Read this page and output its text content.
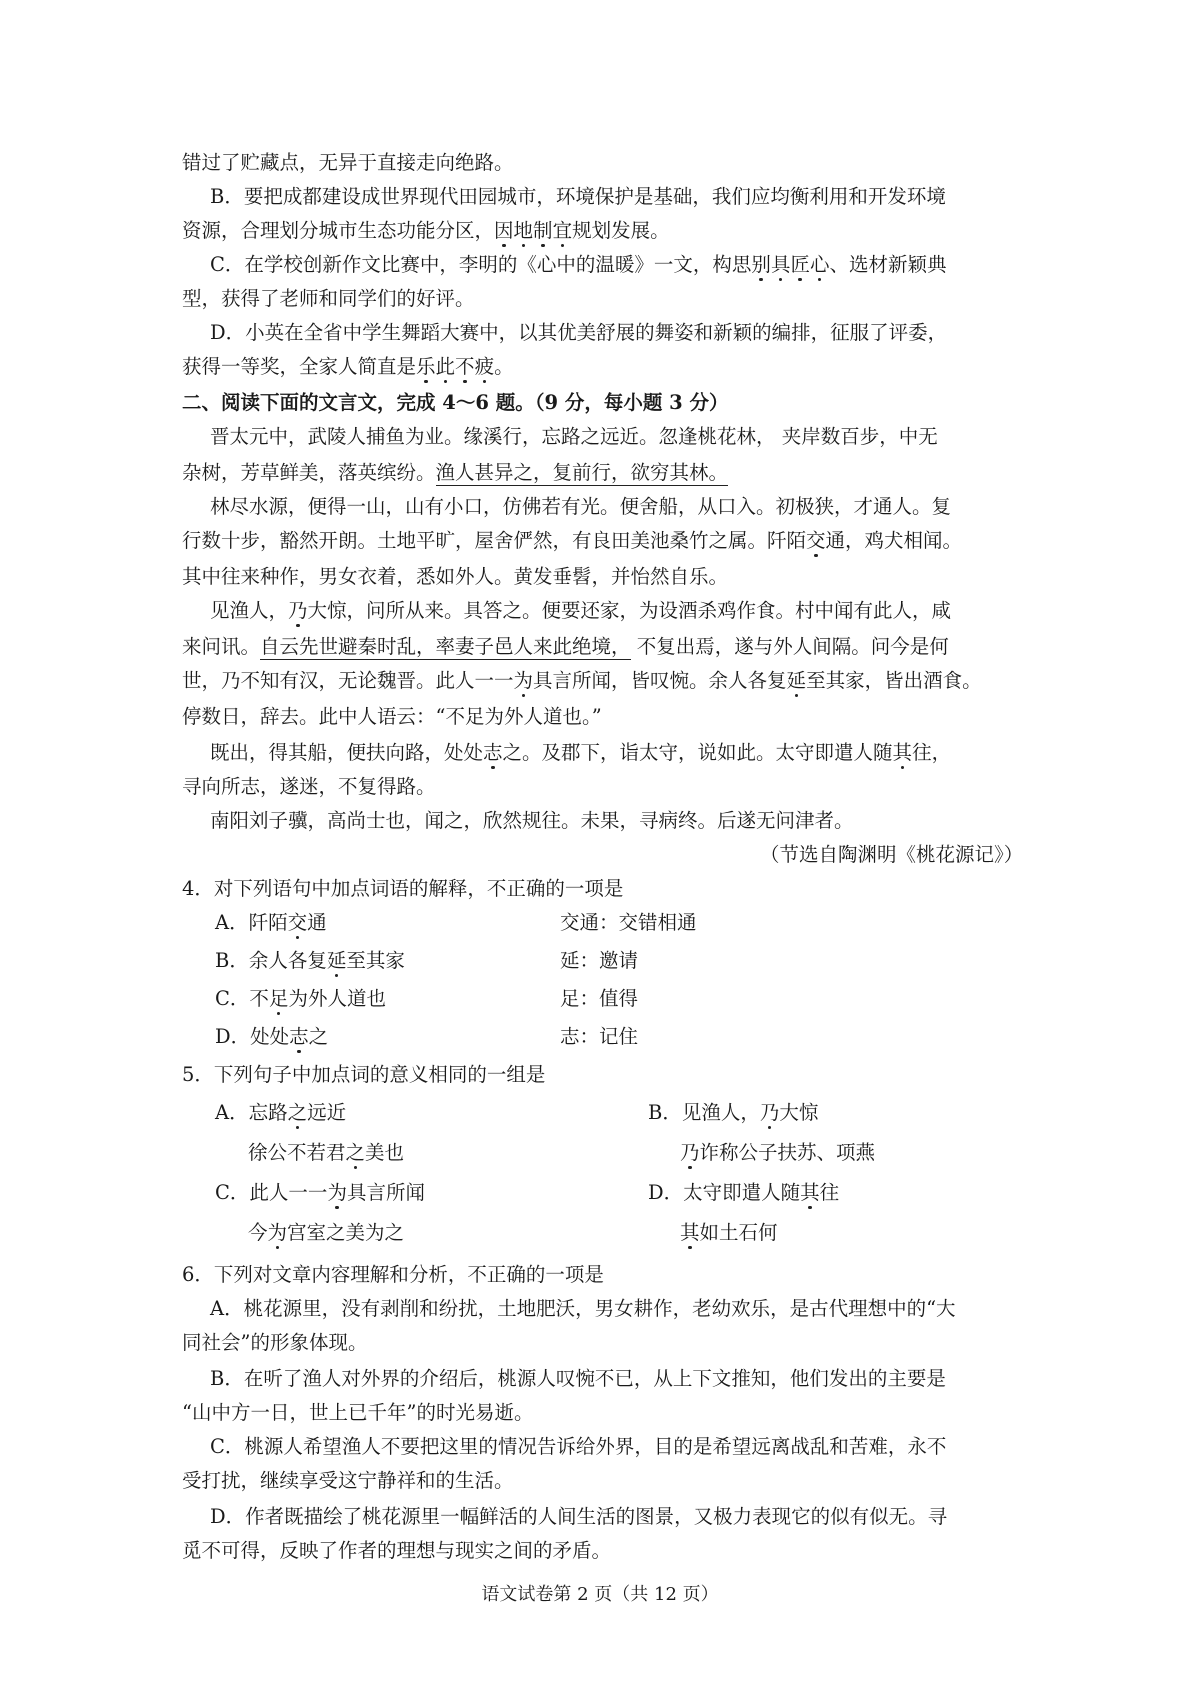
错过了贮藏点，无异于直接走向绝路。
B．要把成都建设成世界现代田园城市，环境保护是基础，我们应均衡利用和开发环境
资源，合理划分城市生态功能分区，因地制宜规划发展。
C．在学校创新作文比赛中，李明的《心中的温暖》一文，构思别具匠心、选材新颖典
型，获得了老师和同学们的好评。
D．小英在全省中学生舞蹈大赛中，以其优美舒展的舞姿和新颖的编排，征服了评委，
获得一等奖，全家人简直是乐此不疲。
二、阅读下面的文言文，完成 4～6 题。（9 分，每小题 3 分）
晋太元中，武陵人捕鱼为业。缘溪行，忘路之远近。忽逢桃花林， 夹岸数百步，中无
杂树，芳草鲜美，落英缤纷。渔人甚异之，复前行，欲穷其林。
林尽水源，便得一山，山有小口，仿佛若有光。便舍船，从口入。初极狭，才通人。复
行数十步，豁然开朗。土地平旷，屋舍俨然，有良田美池桑竹之属。阡陌交通，鸡犬相闻。
其中往来种作，男女衣着，悉如外人。黄发垂髫，并怡然自乐。
见渔人，乃大惊，问所从来。具答之。便要还家，为设酒杀鸡作食。村中闻有此人，咸
来问讯。自云先世避秦时乱，率妻子邑人来此绝境， 不复出焉，遂与外人间隔。问今是何
世，乃不知有汉，无论魏晋。此人一一为具言所闻，皆叹惋。余人各复延至其家，皆出酒食。
停数日，辞去。此中人语云：“不足为外人道也。”
既出，得其船，便扶向路，处处志之。及郡下，诣太守，说如此。太守即遣人随其往，
寻向所志，遂迷，不复得路。
南阳刘子骥，高尚士也，闻之，欣然规往。未果，寻病终。后遂无问津者。
（节选自陶渊明《桃花源记》）
4．对下列语句中加点词语的解释，不正确的一项是
A．阡陌交通	交通：交错相通
B．余人各复延至其家	延：邀请
C．不足为外人道也	足：值得
D．处处志之	志：记住
5．下列句子中加点词的意义相同的一组是
A．忘路之远近
徐公不若君之美也
B．见渔人，乃大惊
乃诈称公子扶苏、项燕
C．此人一一为具言所闻
今为宫室之美为之
D．太守即遣人随其往
其如土石何
6．下列对文章内容理解和分析，不正确的一项是
A．桃花源里，没有剥削和纷扰，土地肥沃，男女耕作，老幼欢乐，是古代理想中的“大
同社会”的形象体现。
B．在听了渔人对外界的介绍后，桃源人叹惋不已，从上下文推知，他们发出的主要是
“山中方一日，世上已千年”的时光易逝。
C．桃源人希望渔人不要把这里的情况告诉给外界，目的是希望远离战乱和苦难，永不
受打扰，继续享受这宁静祥和的生活。
D．作者既描绘了桃花源里一幅鲜活的人间生活的图景，又极力表现它的似有似无。寻
觅不可得，反映了作者的理想与现实之间的矛盾。
语文试卷第 2 页（共 12 页）
